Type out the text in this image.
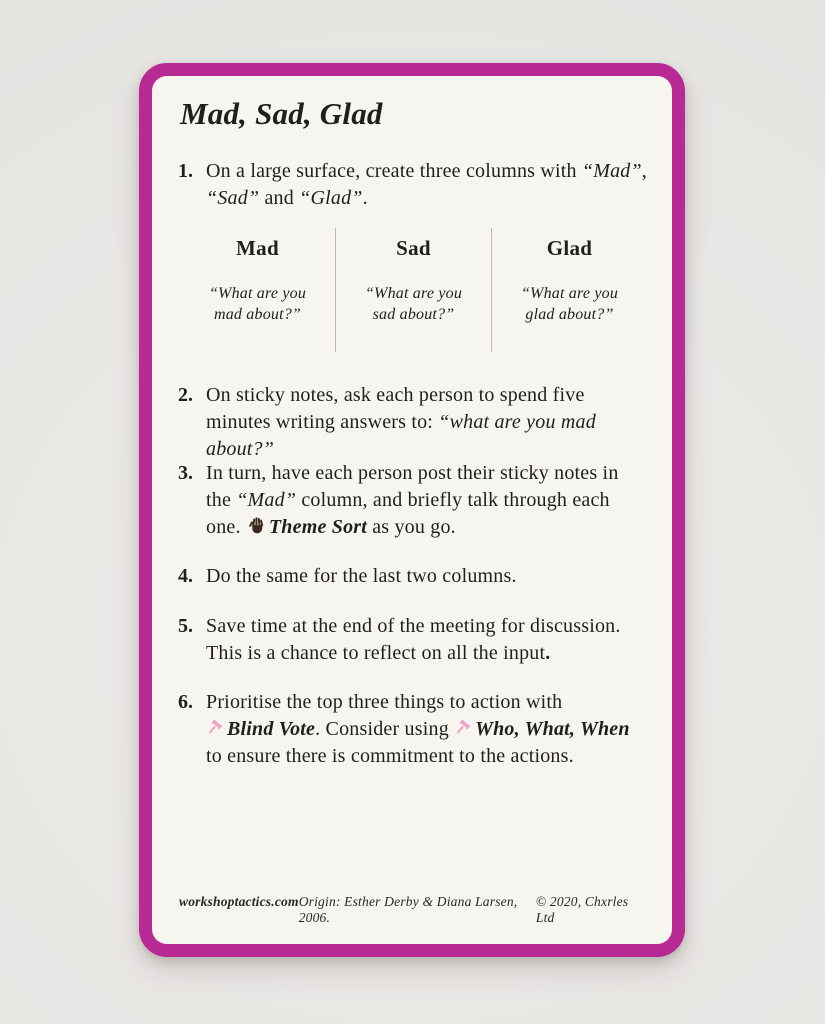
Mad, Sad, Glad
Mad
“What are you
mad about?”
Sad
“What are you
sad about?”
Glad
“What are you
glad about?”
1. On a large surface, create three columns with “Mad”,
“Sad” and “Glad”.
2. On sticky notes, ask each person to spend five
minutes writing answers to: “what are you mad about?”
3. In turn, have each person post their sticky notes in
the “Mad” column, and briefly talk through each
one. Theme Sort as you go.
4. Do the same for the last two columns.
5. Save time at the end of the meeting for discussion.
This is a chance to reflect on all the input.
6. Prioritise the top three things to action with
Blind Vote. Consider using Who, What, When
to ensure there is commitment to the actions.
workshoptactics.com Origin: Esther Derby & Diana Larsen, 2006.
© 2020, Chxrles Ltd
